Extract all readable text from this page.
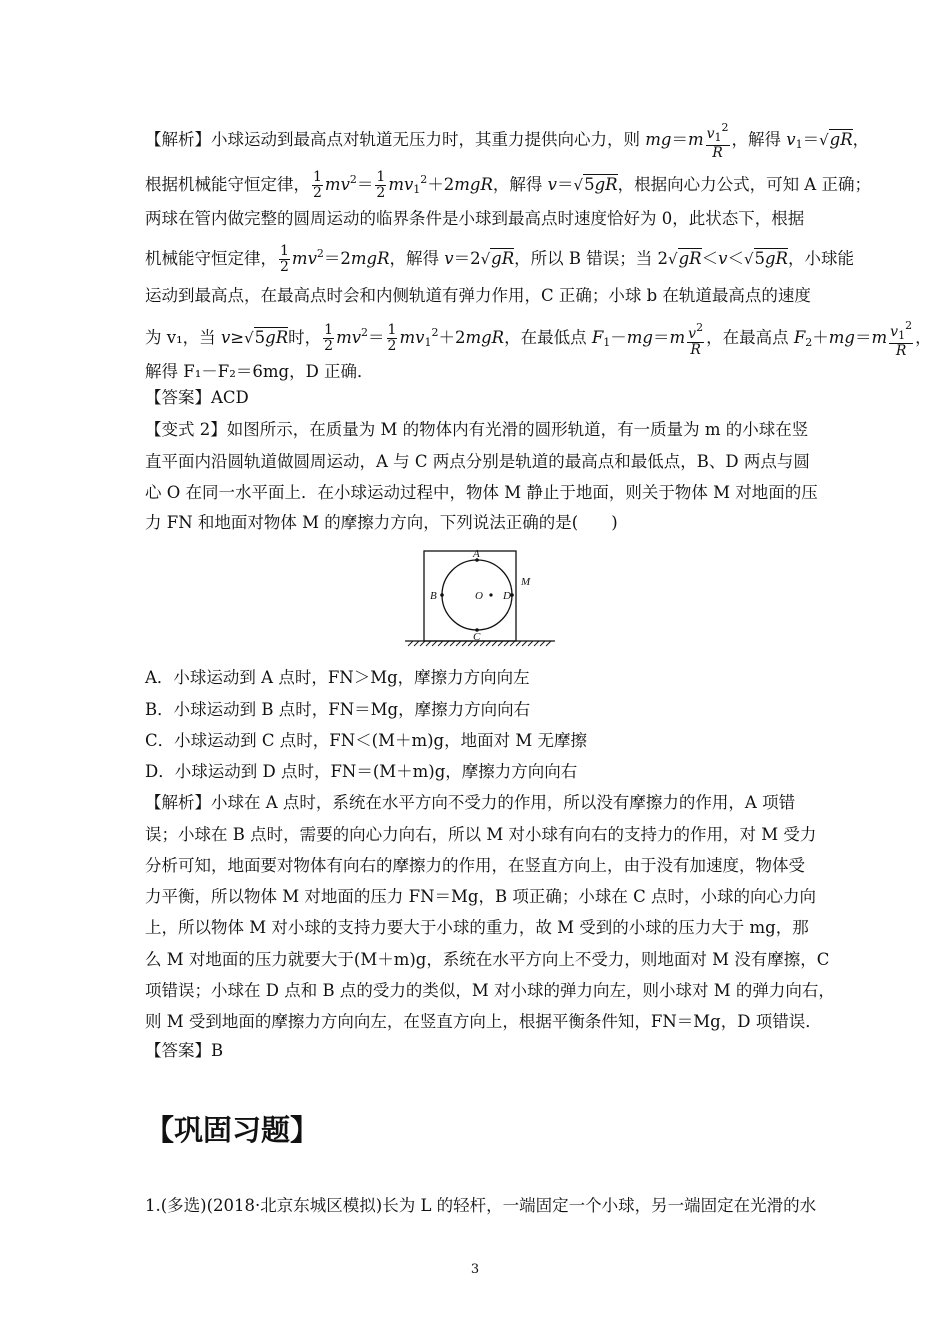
【解析】小球运动到最高点对轨道无压力时，其重力提供向心力，则 $mg=m \frac{v_1^2}{R}$ ，解得 $v_1=√gR$，
根据机械能守恒定律， $\frac{1}{2} mv^2= \frac{1}{2} mv_1^2+2mgR$，解得 v＝√5gR，根据向心力公式，可知 A 正确；
两球在管内做完整的圆周运动的临界条件是小球到最高点时速度恰好为 0，此状态下，根据
机械能守恒定律， $\frac{1}{2} mv^2=2mgR$，解得 v＝2√gR，所以 B 错误；当 2√gR＜v＜√5gR，小球能
运动到最高点，在最高点时会和内侧轨道有弹力作用，C 正确；小球 b 在轨道最高点的速度
为 v₁，当 v≥√5gR时， $\frac{1}{2} mv^2= \frac{1}{2} mv_1^2+2mgR$，在最低点 $F_1-mg=m \frac{v^2}{R}$ ，在最高点 $F_2+mg=m \frac{v_1^2}{R}$ ，
解得 F₁－F₂＝6mg，D 正确．
【答案】ACD
【变式 2】如图所示，在质量为 M 的物体内有光滑的圆形轨道，有一质量为 m 的小球在竖
直平面内沿圆轨道做圆周运动，A 与 C 两点分别是轨道的最高点和最低点，B、D 两点与圆
心 O 在同一水平面上．在小球运动过程中，物体 M 静止于地面，则关于物体 M 对地面的压
力 FN 和地面对物体 M 的摩擦力方向，下列说法正确的是(　　)
A
B
C
D
O
M
A．小球运动到 A 点时，FN＞Mg，摩擦力方向向左
B．小球运动到 B 点时，FN＝Mg，摩擦力方向向右
C．小球运动到 C 点时，FN＜(M＋m)g，地面对 M 无摩擦
D．小球运动到 D 点时，FN＝(M＋m)g，摩擦力方向向右
【解析】小球在 A 点时，系统在水平方向不受力的作用，所以没有摩擦力的作用，A 项错
误；小球在 B 点时，需要的向心力向右，所以 M 对小球有向右的支持力的作用，对 M 受力
分析可知，地面要对物体有向右的摩擦力的作用，在竖直方向上，由于没有加速度，物体受
力平衡，所以物体 M 对地面的压力 FN＝Mg，B 项正确；小球在 C 点时，小球的向心力向
上，所以物体 M 对小球的支持力要大于小球的重力，故 M 受到的小球的压力大于 mg，那
么 M 对地面的压力就要大于(M＋m)g，系统在水平方向上不受力，则地面对 M 没有摩擦，C
项错误；小球在 D 点和 B 点的受力的类似，M 对小球的弹力向左，则小球对 M 的弹力向右，
则 M 受到地面的摩擦力方向向左，在竖直方向上，根据平衡条件知，FN＝Mg，D 项错误．
【答案】B
【巩固习题】
1.(多选)(2018·北京东城区模拟)长为 L 的轻杆，一端固定一个小球，另一端固定在光滑的水
3
